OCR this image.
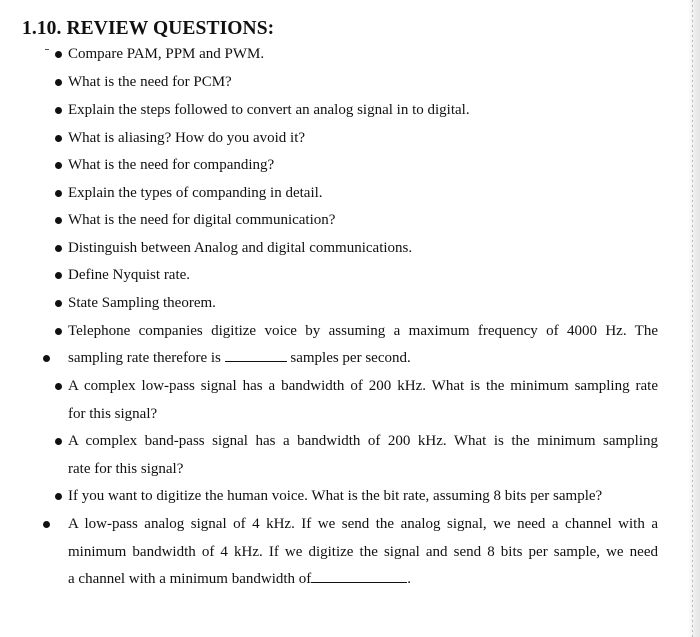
1.10. REVIEW QUESTIONS:
Compare PAM, PPM and PWM.
What is the need for PCM?
Explain the steps followed to convert an analog signal in to digital.
What is aliasing? How do you avoid it?
What is the need for companding?
Explain the types of companding in detail.
What is the need for digital communication?
Distinguish between Analog and digital communications.
Define Nyquist rate.
State Sampling theorem.
Telephone companies digitize voice by assuming a maximum frequency of 4000 Hz. The
sampling rate therefore is	samples per second.
A complex low-pass signal has a bandwidth of 200 kHz. What is the minimum sampling rate
for this signal?
A complex band-pass signal has a bandwidth of 200 kHz. What is the minimum sampling
rate for this signal?
If you want to digitize the human voice. What is the bit rate, assuming 8 bits per sample?
A low-pass analog signal of 4 kHz. If we send the analog signal, we need a channel with a
minimum bandwidth of 4 kHz. If we digitize the signal and send 8 bits per sample, we need
a channel with a minimum bandwidth of	.
